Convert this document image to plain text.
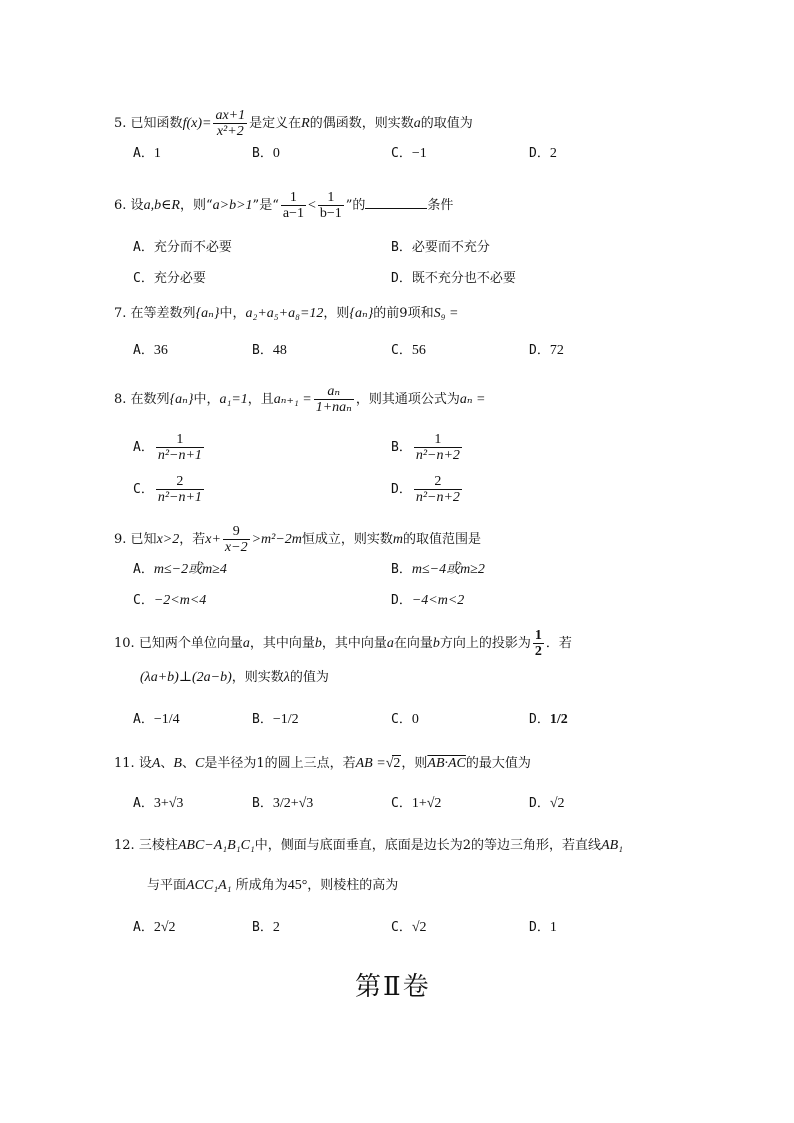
5. 已知函数$f(x)= \frac{ax+1}{\text{x²+2}}$ 是定义在R的偶函数，则实数a的取值为
A．1	B．0	C．−1	D．2
6. 设a,b∈R，则“a>b>1”是“ $\frac{1}{a-1} < \frac{1}{b-1}$ ”的	条件
A．充分而不必要	B．必要而不充分
C．充分必要	D．既不充分也不必要
7. 在等差数列{aₙ}中，a₂+a₅+a₈=12，则{aₙ}的前9项和S₉ =
A．36	B．48	C．56	D．72
8. 在数列{aₙ}中，a₁=1，且$a_{n+1} = \frac{\text{aₙ}}{\text{1+naₙ}}$ ，则其通项公式为aₙ =
A． $\frac{1}{\text{n²−n+1}}$	B． $\frac{1}{\text{n²−n+2}}$
C． $\frac{2}{\text{n²−n+1}}$	D． $\frac{2}{\text{n²−n+2}}$
9. 已知x>2，若$x+ \frac{9}{x-2} >m^2-2m$恒成立，则实数m的取值范围是
A．m≤−2或m≥4	B．m≤−4或m≥2
C．−2<m<4	D．−4<m<2
10. 已知两个单位向量a，其中向量b，其中向量a在向量b方向上的投影为 $\frac{1}{2}$ ．若
(λa+b)⊥(2a−b)，则实数λ的值为
A．−1/4	B．−1/2	C．0	D．1/2
11. 设A、B、C是半径为1的圆上三点，若AB =√2，则AB·AC的最大值为
A．3+√3	B．3/2+√3	C．1+√2	D．√2
12. 三棱柱ABC−A₁B₁C₁中，侧面与底面垂直，底面是边长为2的等边三角形，若直线AB₁
与平面ACC₁A₁ 所成角为45°，则棱柱的高为
A．2√2	B．2	C．√2	D．1
第Ⅱ卷
